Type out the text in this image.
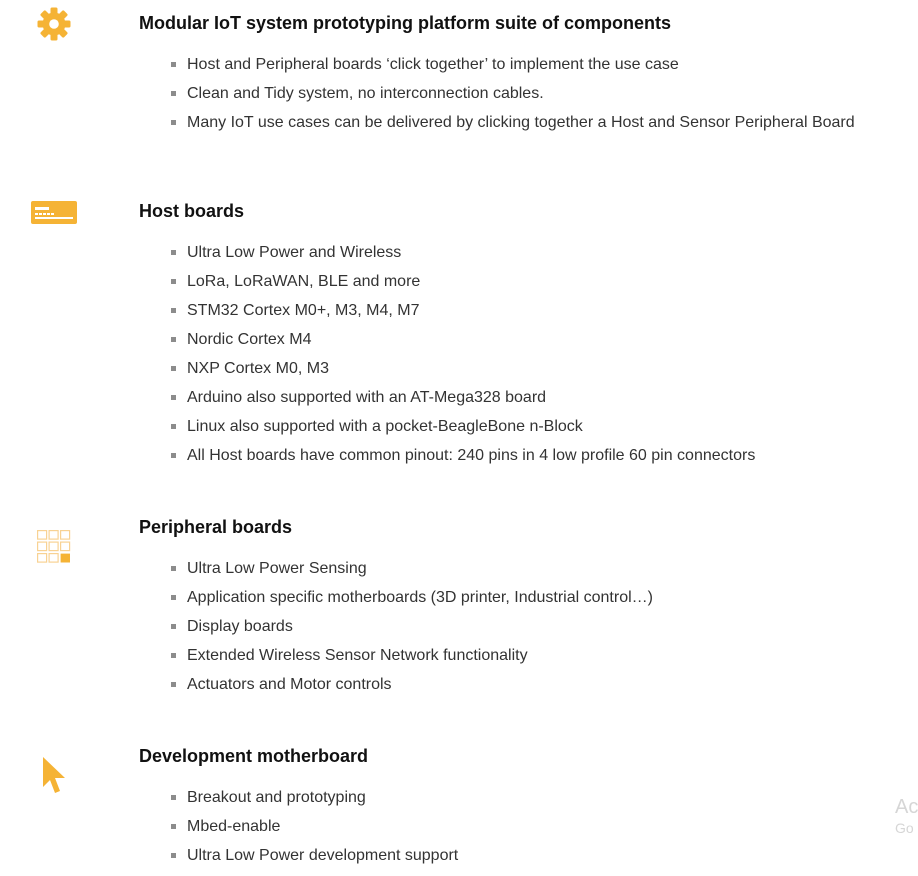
Modular IoT system prototyping platform suite of components
Host and Peripheral boards ‘click together’ to implement the use case
Clean and Tidy system, no interconnection cables.
Many IoT use cases can be delivered by clicking together a Host and Sensor Peripheral Board
Host boards
Ultra Low Power and Wireless
LoRa, LoRaWAN, BLE and more
STM32 Cortex M0+, M3, M4, M7
Nordic Cortex M4
NXP Cortex M0, M3
Arduino also supported with an AT-Mega328 board
Linux also supported with a pocket-BeagleBone n-Block
All Host boards have common pinout: 240 pins in 4 low profile 60 pin connectors
Peripheral boards
Ultra Low Power Sensing
Application specific motherboards (3D printer, Industrial control…)
Display boards
Extended Wireless Sensor Network functionality
Actuators and Motor controls
Development motherboard
Breakout and prototyping
Mbed-enable
Ultra Low Power development support
Ac
Go
